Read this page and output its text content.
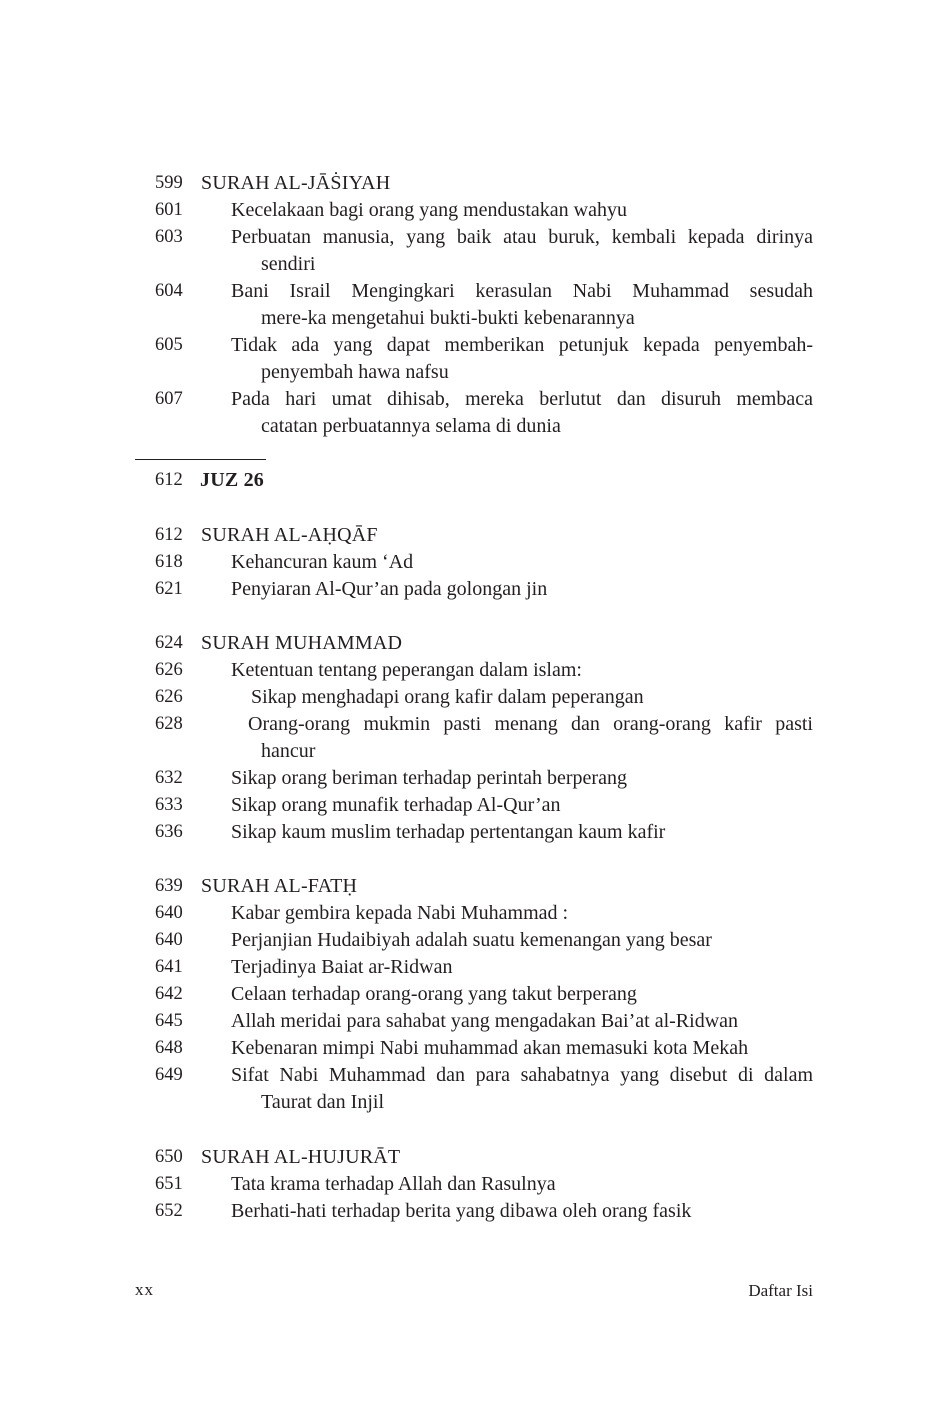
599 SURAH AL-JĀṠIYAH
601	Kecelakaan bagi orang yang mendustakan wahyu
603	Perbuatan manusia, yang baik atau buruk, kembali kepada dirinya
sendiri
604	Bani Israil Mengingkari kerasulan Nabi Muhammad sesudah
mere-ka mengetahui bukti-bukti kebenarannya
605	Tidak ada yang dapat memberikan petunjuk kepada penyembah-
penyembah hawa nafsu
607	Pada hari umat dihisab, mereka berlutut dan disuruh membaca
catatan perbuatannya selama di dunia
612 JUZ 26
612 SURAH AL-AḤQĀF
618	Kehancuran kaum ‘Ad
621	Penyiaran Al-Qur’an pada golongan jin
624 SURAH MUHAMMAD
626	Ketentuan tentang peperangan dalam islam:
626	Sikap menghadapi orang kafir dalam peperangan
628	Orang-orang mukmin pasti menang dan orang-orang kafir pasti
hancur
632	Sikap orang beriman terhadap perintah berperang
633	Sikap orang munafik terhadap Al-Qur’an
636	Sikap kaum muslim terhadap pertentangan kaum kafir
639 SURAH AL-FATḤ
640	Kabar gembira kepada Nabi Muhammad :
640	Perjanjian Hudaibiyah adalah suatu kemenangan yang besar
641	Terjadinya Baiat ar-Ridwan
642	Celaan terhadap orang-orang yang takut berperang
645	Allah meridai para sahabat yang mengadakan Bai’at al-Ridwan
648	Kebenaran mimpi Nabi muhammad akan memasuki kota Mekah
649	Sifat Nabi Muhammad dan para sahabatnya yang disebut di dalam
Taurat dan Injil
650 SURAH AL-HUJURĀT
651	Tata krama terhadap Allah dan Rasulnya
652	Berhati-hati terhadap berita yang dibawa oleh orang fasik
xx	Daftar Isi
